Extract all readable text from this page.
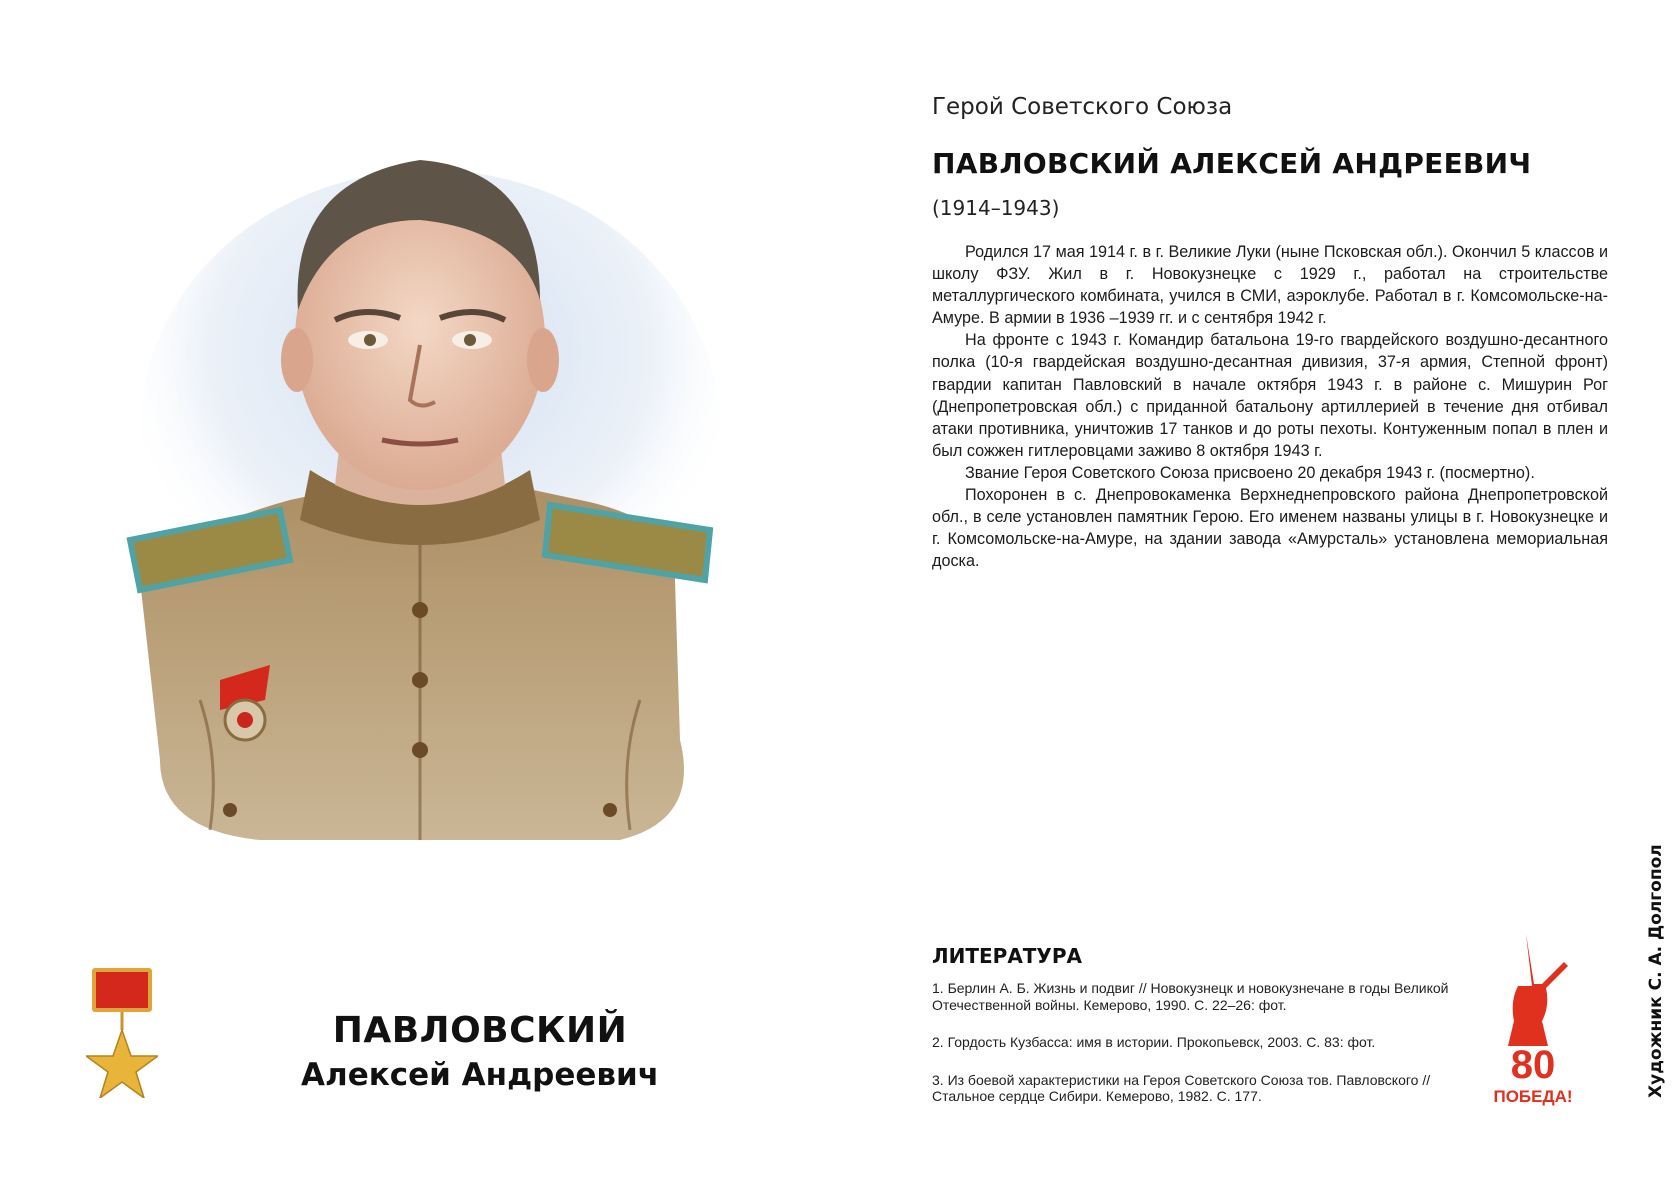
ПАВЛОВСКИЙ
Алексей Андреевич
Герой Советского Союза
ПАВЛОВСКИЙ АЛЕКСЕЙ АНДРЕЕВИЧ
(1914–1943)

Родился 17 мая 1914 г. в г. Великие Луки (ныне Псковская обл.). Окончил 5 классов и школу ФЗУ. Жил в г. Новокузнецке с 1929 г., работал на строительстве металлургического комбината, учился в СМИ, аэроклубе. Работал в г. Комсомольске-на-Амуре. В армии в 1936 –1939 гг. и с сентября 1942 г.

На фронте с 1943 г. Командир батальона 19-го гвардейского воздушно-десантного полка (10-я гвардейская воздушно-десантная дивизия, 37-я армия, Степной фронт) гвардии капитан Павловский в начале октября 1943 г. в районе с. Мишурин Рог (Днепропетровская обл.) с приданной батальону артиллерией в течение дня отбивал атаки противника, уничтожив 17 танков и до роты пехоты. Контуженным попал в плен и был сожжен гитлеровцами заживо 8 октября 1943 г.

Звание Героя Советского Союза присвоено 20 декабря 1943 г. (посмертно).

Похоронен в с. Днепровокаменка Верхнеднепровского района Днепропетровской обл., в селе установлен памятник Герою. Его именем названы улицы в г. Новокузнецке и г. Комсомольске-на-Амуре, на здании завода «Амурсталь» установлена мемориальная доска.

ЛИТЕРАТУРА
1. Берлин А. Б. Жизнь и подвиг // Новокузнецк и новокузнечане в годы Великой Отечественной войны. Кемерово, 1990. С. 22–26: фот.
2. Гордость Кузбасса: имя в истории. Прокопьевск, 2003. С. 83: фот.
3. Из боевой характеристики на Героя Советского Союза тов. Павловского // Стальное сердце Сибири. Кемерово, 1982. С. 177.
80
ПОБЕДА!	Художник С. А. Долгопол
